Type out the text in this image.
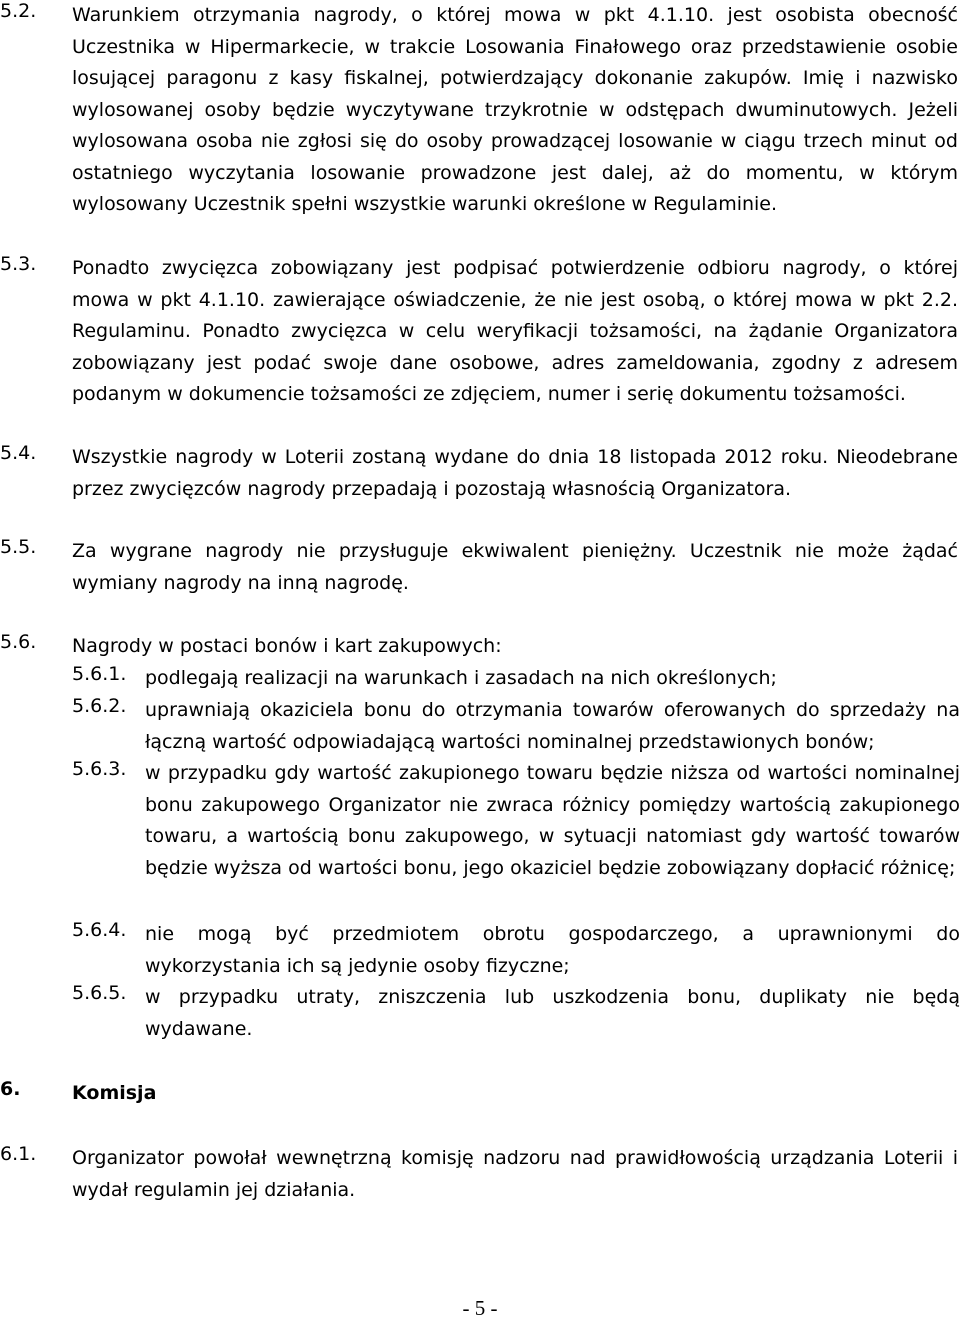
5.2. Warunkiem otrzymania nagrody, o której mowa w pkt 4.1.10. jest osobista obecność Uczestnika w Hipermarkecie, w trakcie Losowania Finałowego oraz przedstawienie osobie losującej paragonu z kasy fiskalnej, potwierdzający dokonanie zakupów. Imię i nazwisko wylosowanej osoby będzie wyczytywane trzykrotnie w odstępach dwuminutowych. Jeżeli wylosowana osoba nie zgłosi się do osoby prowadzącej losowanie w ciągu trzech minut od ostatniego wyczytania losowanie prowadzone jest dalej, aż do momentu, w którym wylosowany Uczestnik spełni wszystkie warunki określone w Regulaminie.
5.3. Ponadto zwycięzca zobowiązany jest podpisać potwierdzenie odbioru nagrody, o której mowa w pkt 4.1.10. zawierające oświadczenie, że nie jest osobą, o której mowa w pkt 2.2. Regulaminu. Ponadto zwycięzca w celu weryfikacji tożsamości, na żądanie Organizatora zobowiązany jest podać swoje dane osobowe, adres zameldowania, zgodny z adresem podanym w dokumencie tożsamości ze zdjęciem, numer i serię dokumentu tożsamości.
5.4. Wszystkie nagrody w Loterii zostaną wydane do dnia 18 listopada 2012 roku. Nieodebrane przez zwycięzców nagrody przepadają i pozostają własnością Organizatora.
5.5. Za wygrane nagrody nie przysługuje ekwiwalent pieniężny. Uczestnik nie może żądać wymiany nagrody na inną nagrodę.
5.6. Nagrody w postaci bonów i kart zakupowych:
5.6.1. podlegają realizacji na warunkach i zasadach na nich określonych;
5.6.2. uprawniają okaziciela bonu do otrzymania towarów oferowanych do sprzedaży na łączną wartość odpowiadającą wartości nominalnej przedstawionych bonów;
5.6.3. w przypadku gdy wartość zakupionego towaru będzie niższa od wartości nominalnej bonu zakupowego Organizator nie zwraca różnicy pomiędzy wartością zakupionego towaru, a wartością bonu zakupowego, w sytuacji natomiast gdy wartość towarów będzie wyższa od wartości bonu, jego okaziciel będzie zobowiązany dopłacić różnicę;
5.6.4. nie mogą być przedmiotem obrotu gospodarczego, a uprawnionymi do wykorzystania ich są jedynie osoby fizyczne;
5.6.5. w przypadku utraty, zniszczenia lub uszkodzenia bonu, duplikaty nie będą wydawane.
6.	Komisja
6.1. Organizator powołał wewnętrzną komisję nadzoru nad prawidłowością urządzania Loterii i wydał regulamin jej działania.
- 5 -
